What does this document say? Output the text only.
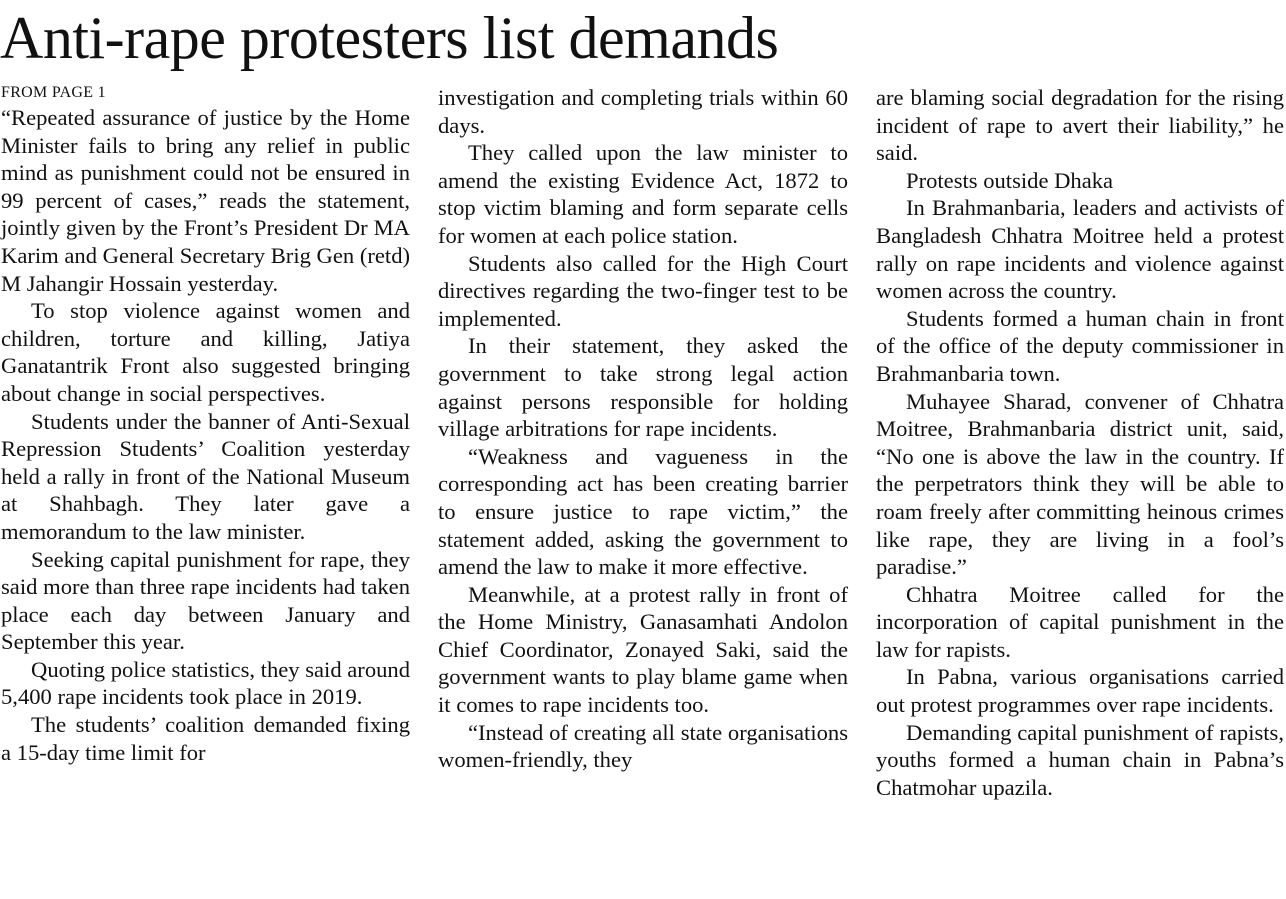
Anti-rape protesters list demands
FROM PAGE 1

“Repeated assurance of justice by the Home Minister fails to bring any relief in public mind as punishment could not be ensured in 99 percent of cases,” reads the statement, jointly given by the Front’s President Dr MA Karim and General Secretary Brig Gen (retd) M Jahangir Hossain yesterday.

To stop violence against women and children, torture and killing, Jatiya Ganatantrik Front also suggested bringing about change in social perspectives.

Students under the banner of Anti-Sexual Repression Students’ Coalition yesterday held a rally in front of the National Museum at Shahbagh. They later gave a memorandum to the law minister.

Seeking capital punishment for rape, they said more than three rape incidents had taken place each day between January and September this year.

Quoting police statistics, they said around 5,400 rape incidents took place in 2019.

The students’ coalition demanded fixing a 15-day time limit for

investigation and completing trials within 60 days.

They called upon the law minister to amend the existing Evidence Act, 1872 to stop victim blaming and form separate cells for women at each police station.

Students also called for the High Court directives regarding the two-finger test to be implemented.

In their statement, they asked the government to take strong legal action against persons responsible for holding village arbitrations for rape incidents.

“Weakness and vagueness in the corresponding act has been creating barrier to ensure justice to rape victim,” the statement added, asking the government to amend the law to make it more effective.

Meanwhile, at a protest rally in front of the Home Ministry, Ganasamhati Andolon Chief Coordinator, Zonayed Saki, said the government wants to play blame game when it comes to rape incidents too.

“Instead of creating all state organisations women-friendly, they

are blaming social degradation for the rising incident of rape to avert their liability,” he said.

Protests outside Dhaka

In Brahmanbaria, leaders and activists of Bangladesh Chhatra Moitree held a protest rally on rape incidents and violence against women across the country.

Students formed a human chain in front of the office of the deputy commissioner in Brahmanbaria town.

Muhayee Sharad, convener of Chhatra Moitree, Brahmanbaria district unit, said, “No one is above the law in the country. If the perpetrators think they will be able to roam freely after committing heinous crimes like rape, they are living in a fool’s paradise.”

Chhatra Moitree called for the incorporation of capital punishment in the law for rapists.

In Pabna, various organisations carried out protest programmes over rape incidents.

Demanding capital punishment of rapists, youths formed a human chain in Pabna’s Chatmohar upazila.
